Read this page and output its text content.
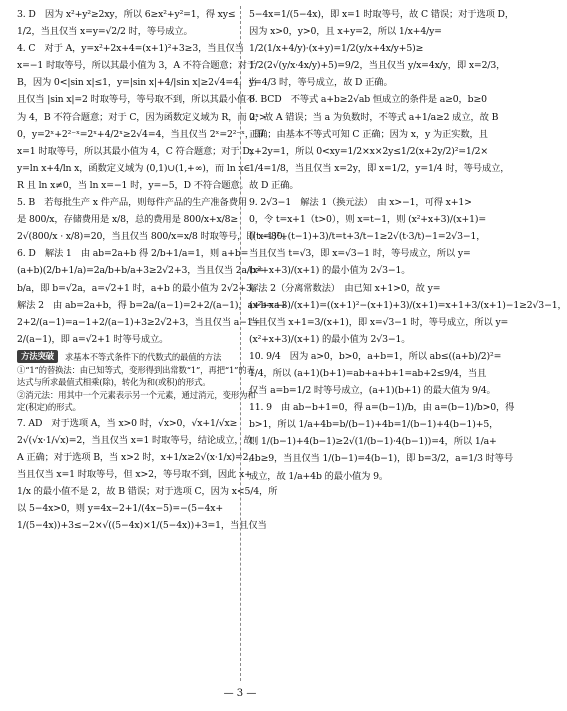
3. D　因为 x²+y²≥2xy，所以 6≥x²+y²=1，得 xy≤
1/2，当且仅当 x=y=√2/2 时，等号成立。
4. C　对于 A，y=x²+2x+4=(x+1)²+3≥3，当且仅当
x=−1 时取等号，所以其最小值为 3，A 不符合题意；对于
B，因为 0<|sin x|≤1，y=|sin x|+4/|sin x|≥2√4=4，当
且仅当 |sin x|=2 时取等号，等号取不到，所以其最小值不
为 4，B 不符合题意；对于 C，因为函数定义域为 R，而 2ˣ>
0，y=2ˣ+2²⁻ˣ=2ˣ+4/2ˣ≥2√4=4，当且仅当 2ˣ=2²⁻ˣ，即
x=1 时取等号，所以其最小值为 4，C 符合题意；对于 D，
y=ln x+4/ln x，函数定义域为 (0,1)∪(1,+∞)，而 ln x∈
R 且 ln x≠0，当 ln x=−1 时，y=−5，D 不符合题意。
5. B　若每批生产 x 件产品，则每件产品的生产准备费用
是 800/x，存储费用是 x/8，总的费用是 800/x+x/8≥
2√(800/x · x/8)=20，当且仅当 800/x=x/8 时取等号，即 x=80。
6. D　解法 1　由 ab=2a+b 得 2/b+1/a=1，则 a+b=
(a+b)(2/b+1/a)=2a/b+b/a+3≥2√2+3，当且仅当 2a/b=
b/a，即 b=√2a，a=√2+1 时，a+b 的最小值为 2√2+3。
解法 2　由 ab=2a+b，得 b=2a/(a−1)=2+2/(a−1)，a+b=a+
2+2/(a−1)=a−1+2/(a−1)+3≥2√2+3，当且仅当 a−1=
2/(a−1)，即 a=√2+1 时等号成立。
方法突破	求基本不等式条件下的代数式的最值的方法
①“1”的替换法：由已知等式，变形得到出常数“1”，再把“1”的表
达式与所求最值式相乘(除)，转化为和(或积)的形式。
②消元法：用其中一个元素表示另一个元素，通过消元，变形为和
定(积定)的形式。
7. AD　对于选项 A，当 x>0 时，√x>0，√x+1/√x≥
2√(√x·1/√x)=2，当且仅当 x=1 时取等号，结论成立，故
A 正确；对于选项 B，当 x>2 时，x+1/x≥2√(x·1/x)=2，
当且仅当 x=1 时取等号，但 x>2，等号取不到，因此 x+
1/x 的最小值不是 2，故 B 错误；对于选项 C，因为 x<5/4，所
以 5−4x>0，则 y=4x−2+1/(4x−5)=−(5−4x+
1/(5−4x))+3≤−2×√((5−4x)×1/(5−4x))+3=1，当且仅当
5−4x=1/(5−4x)，即 x=1 时取等号，故 C 错误；对于选项 D，
因为 x>0，y>0，且 x+y=2，所以 1/x+4/y=
1/2(1/x+4/y)·(x+y)=1/2(y/x+4x/y+5)≥
1/2(2√(y/x·4x/y)+5)=9/2，当且仅当 y/x=4x/y，即 x=2/3，
y=4/3 时，等号成立，故 D 正确。
8. BCD　不等式 a+b≥2√ab 恒成立的条件是 a≥0，b≥0
0，故 A 错误；当 a 为负数时，不等式 a+1/a≥2 成立，故 B
正确；由基本不等式可知 C 正确；因为 x，y 为正实数，且
x+2y=1，所以 0<xy=1/2×x×2y≤1/2(x+2y/2)²=1/2×
1/4=1/8，当且仅当 x=2y，即 x=1/2，y=1/4 时，等号成立，
故 D 正确。
9. 2√3−1　解法 1（换元法）　由 x>−1，可得 x+1>
0，令 t=x+1（t>0），则 x=t−1，则 (x²+x+3)/(x+1)=
((t−1)²+(t−1)+3)/t=t+3/t−1≥2√(t·3/t)−1=2√3−1，
当且仅当 t=√3，即 x=√3−1 时，等号成立，所以 y=
(x²+x+3)/(x+1) 的最小值为 2√3−1。
解法 2（分离常数法）　由已知 x+1>0，故 y=
(x²+x+3)/(x+1)=((x+1)²−(x+1)+3)/(x+1)=x+1+3/(x+1)−1≥2√3−1，
当且仅当 x+1=3/(x+1)，即 x=√3−1 时，等号成立，所以 y=
(x²+x+3)/(x+1) 的最小值为 2√3−1。
10. 9/4　因为 a>0，b>0，a+b=1，所以 ab≤((a+b)/2)²=
1/4，所以 (a+1)(b+1)=ab+a+b+1=ab+2≤9/4，当且
仅当 a=b=1/2 时等号成立，(a+1)(b+1) 的最大值为 9/4。
11. 9　由 ab−b+1=0，得 a=(b−1)/b，由 a=(b−1)/b>0，得
b>1，所以 1/a+4b=b/(b−1)+4b=1/(b−1)+4(b−1)+5，
则 1/(b−1)+4(b−1)≥2√(1/(b−1)·4(b−1))=4，所以 1/a+
4b≥9，当且仅当 1/(b−1)=4(b−1)，即 b=3/2，a=1/3 时等号
成立，故 1/a+4b 的最小值为 9。
— 3 —
